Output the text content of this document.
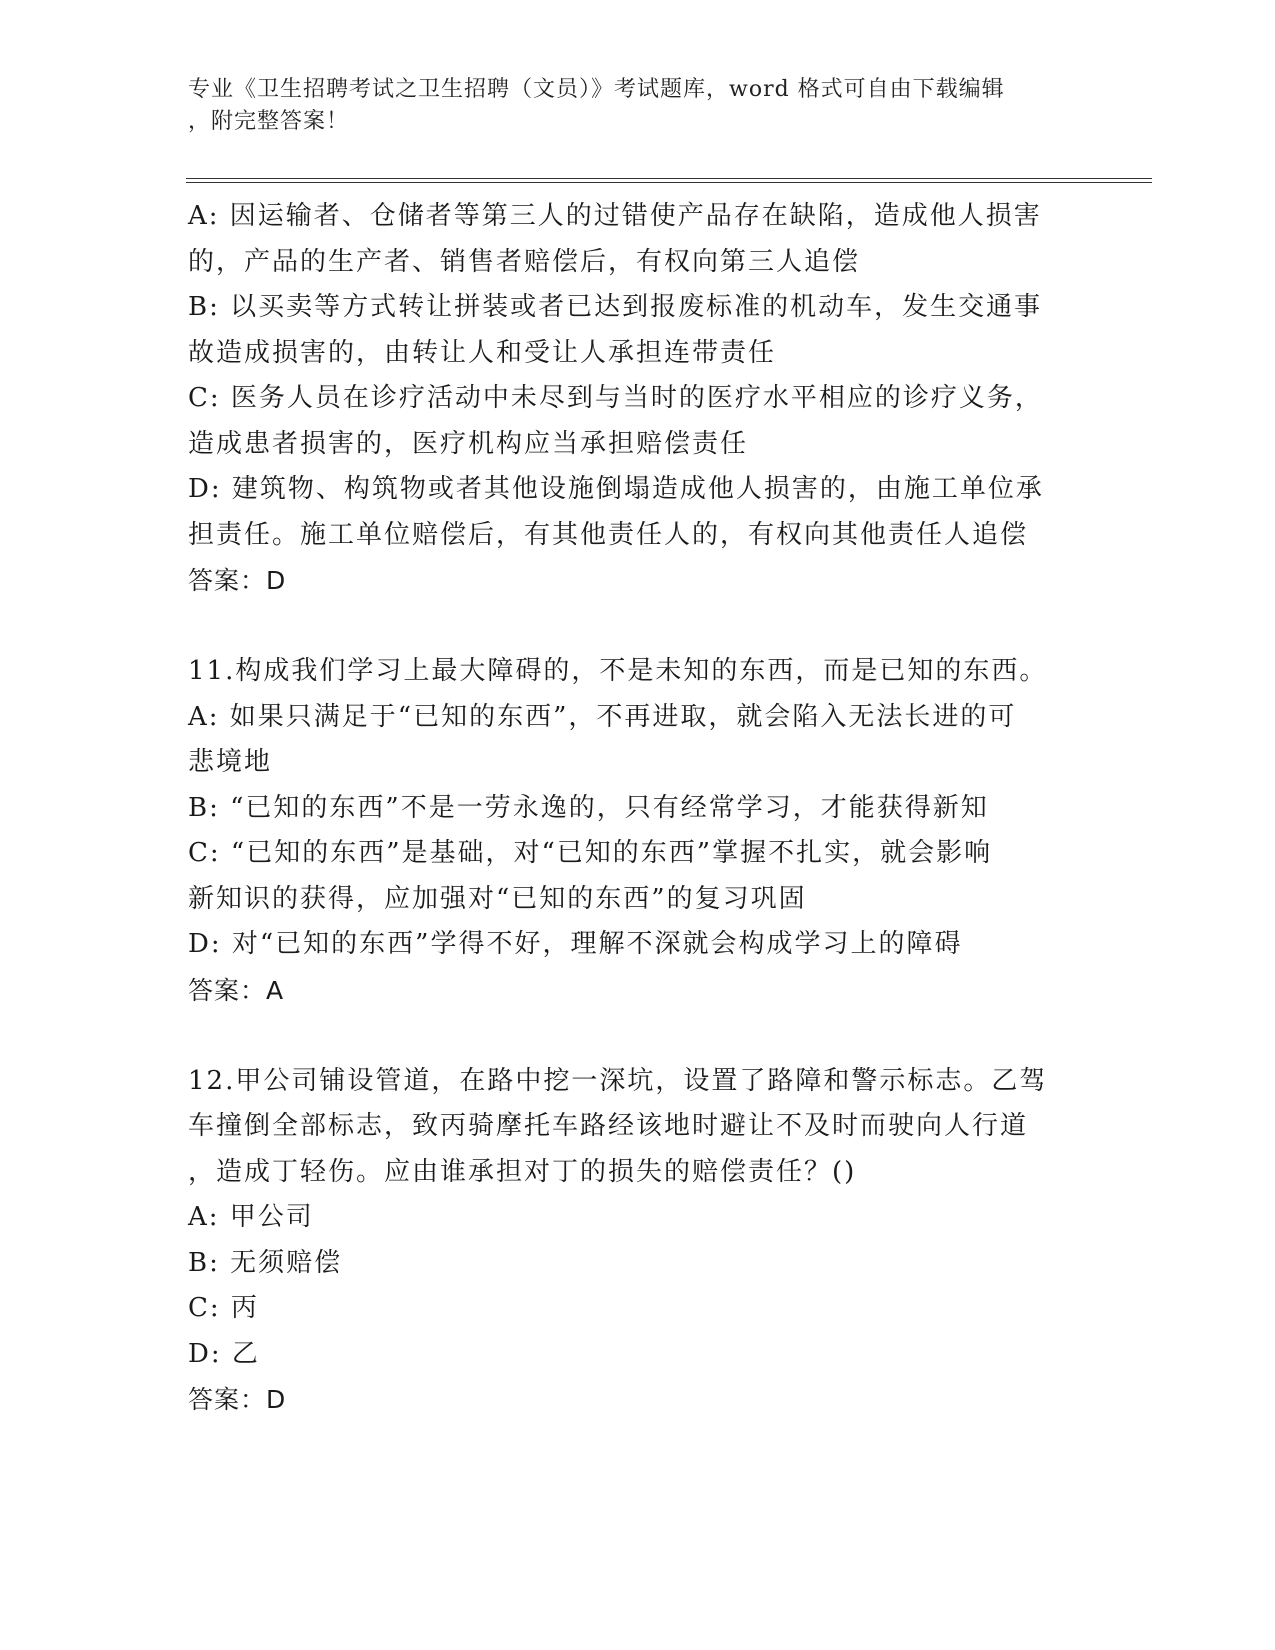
专业《卫生招聘考试之卫生招聘（文员）》考试题库，word 格式可自由下载编辑
，附完整答案！
A: 因运输者、仓储者等第三人的过错使产品存在缺陷，造成他人损害
的，产品的生产者、销售者赔偿后，有权向第三人追偿
B: 以买卖等方式转让拼装或者已达到报废标准的机动车，发生交通事
故造成损害的，由转让人和受让人承担连带责任
C: 医务人员在诊疗活动中未尽到与当时的医疗水平相应的诊疗义务，
造成患者损害的，医疗机构应当承担赔偿责任
D: 建筑物、构筑物或者其他设施倒塌造成他人损害的，由施工单位承
担责任。施工单位赔偿后，有其他责任人的，有权向其他责任人追偿
答案：D
11.构成我们学习上最大障碍的，不是未知的东西，而是已知的东西。
A: 如果只满足于“已知的东西”，不再进取，就会陷入无法长进的可
悲境地
B: “已知的东西”不是一劳永逸的，只有经常学习，才能获得新知
C: “已知的东西”是基础，对“已知的东西”掌握不扎实，就会影响
新知识的获得，应加强对“已知的东西”的复习巩固
D: 对“已知的东西”学得不好，理解不深就会构成学习上的障碍
答案：A
12.甲公司铺设管道，在路中挖一深坑，设置了路障和警示标志。乙驾
车撞倒全部标志，致丙骑摩托车路经该地时避让不及时而驶向人行道
，造成丁轻伤。应由谁承担对丁的损失的赔偿责任？()
A: 甲公司
B: 无须赔偿
C: 丙
D: 乙
答案：D
